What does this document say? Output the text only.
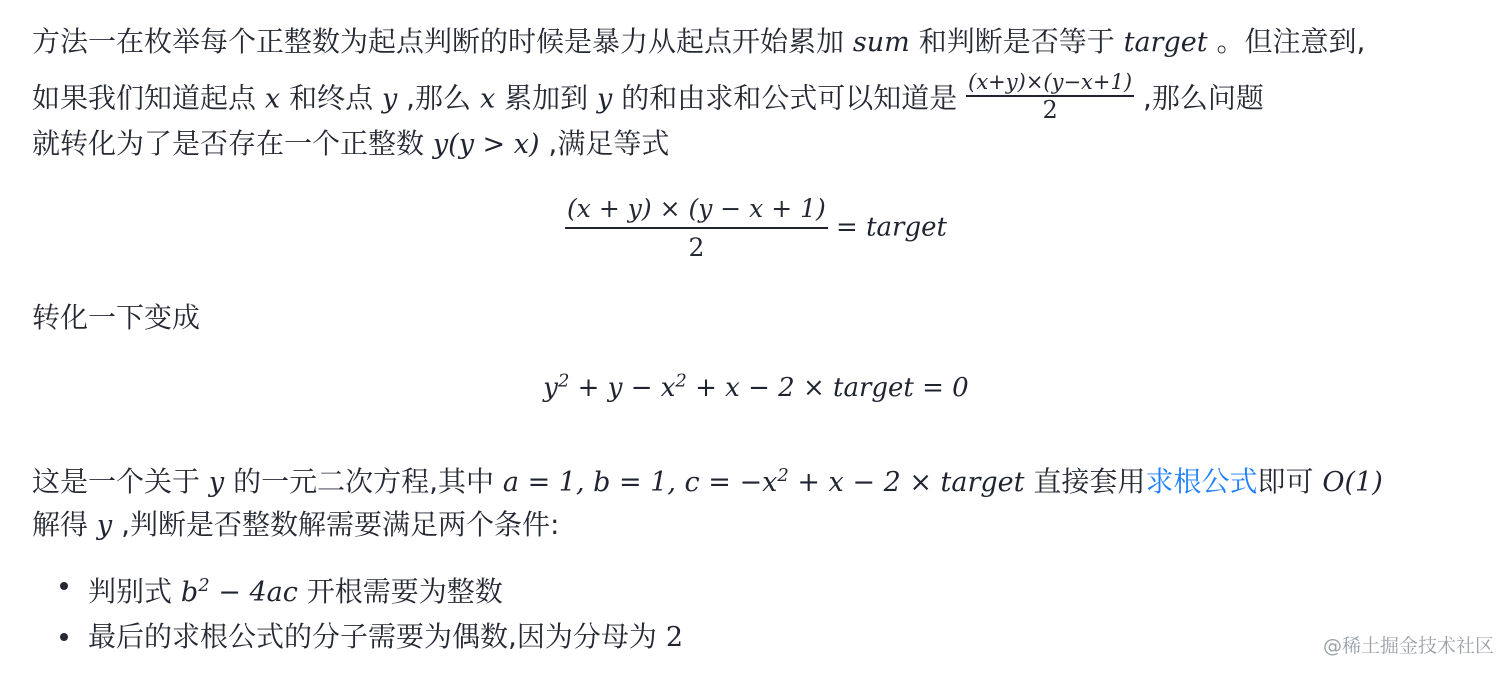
方法一在枚举每个正整数为起点判断的时候是暴力从起点开始累加 sum 和判断是否等于 target 。但注意到,
如果我们知道起点 x 和终点 y ,那么 x 累加到 y 的和由求和公式可以知道是 $\frac{(x+y)\times(y-x+1)}{2}$ ,那么问题
就转化为了是否存在一个正整数 y(y > x) ,满足等式
$\frac{(x + y) \times (y - x + 1)}{2}$ = target
转化一下变成
$y^2 + y - x^2 + x - 2$ × target = 0
这是一个关于 y 的一元二次方程,其中 a = 1, b = 1, $c = -x^2 + x - 2$ × target 直接套用求根公式即可 O(1)
解得 y ,判断是否整数解需要满足两个条件:
判别式 $b^2 - 4ac$ 开根需要为整数
最后的求根公式的分子需要为偶数,因为分母为 2	@稀土掘金技术社区
